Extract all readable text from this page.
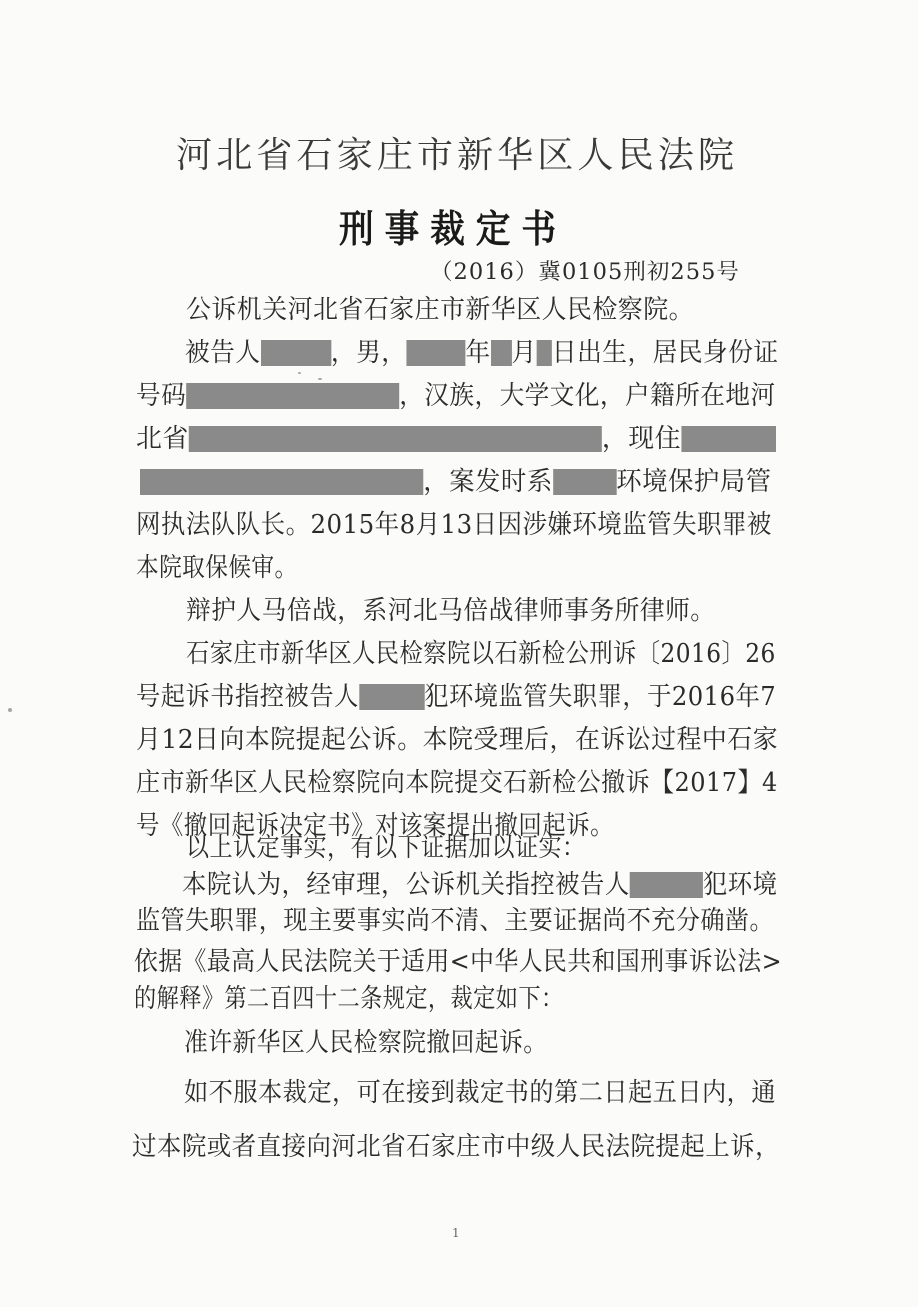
河北省石家庄市新华区人民法院
刑事裁定书
（2016）冀0105刑初255号
公诉机关河北省石家庄市新华区人民检察院。
被告人	，男， 年 月 日出生，居民身份证
号码	，汉族，大学文化，户籍所在地河
北省	，现住
，案发时系 环境保护局管
网执法队队长。2015年8月13日因涉嫌环境监管失职罪被
本院取保候审。
辩护人马倍战，系河北马倍战律师事务所律师。
石家庄市新华区人民检察院以石新检公刑诉〔2016〕26
号起诉书指控被告人	犯环境监管失职罪，于2016年7
月12日向本院提起公诉。本院受理后，在诉讼过程中石家
庄市新华区人民检察院向本院提交石新检公撤诉【2017】4
号《撤回起诉决定书》对该案提出撤回起诉。
以上认定事实，有以下证据加以证实：
本院认为，经审理，公诉机关指控被告人	犯环境
监管失职罪，现主要事实尚不清、主要证据尚不充分确凿。
依据《最高人民法院关于适用<中华人民共和国刑事诉讼法>
的解释》第二百四十二条规定，裁定如下：
准许新华区人民检察院撤回起诉。
如不服本裁定，可在接到裁定书的第二日起五日内，通
过本院或者直接向河北省石家庄市中级人民法院提起上诉，
1
